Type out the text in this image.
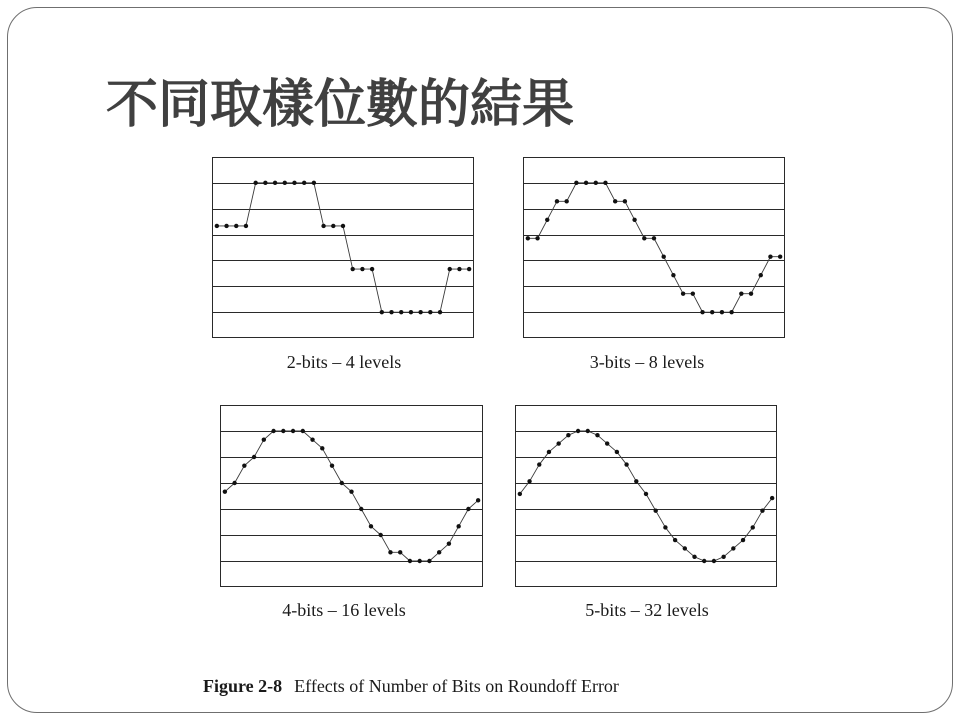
不同取樣位數的結果
2-bits – 4 levels	3-bits – 8 levels
4-bits – 16 levels	5-bits – 32 levels
Figure 2-8 Effects of Number of Bits on Roundoff Error
